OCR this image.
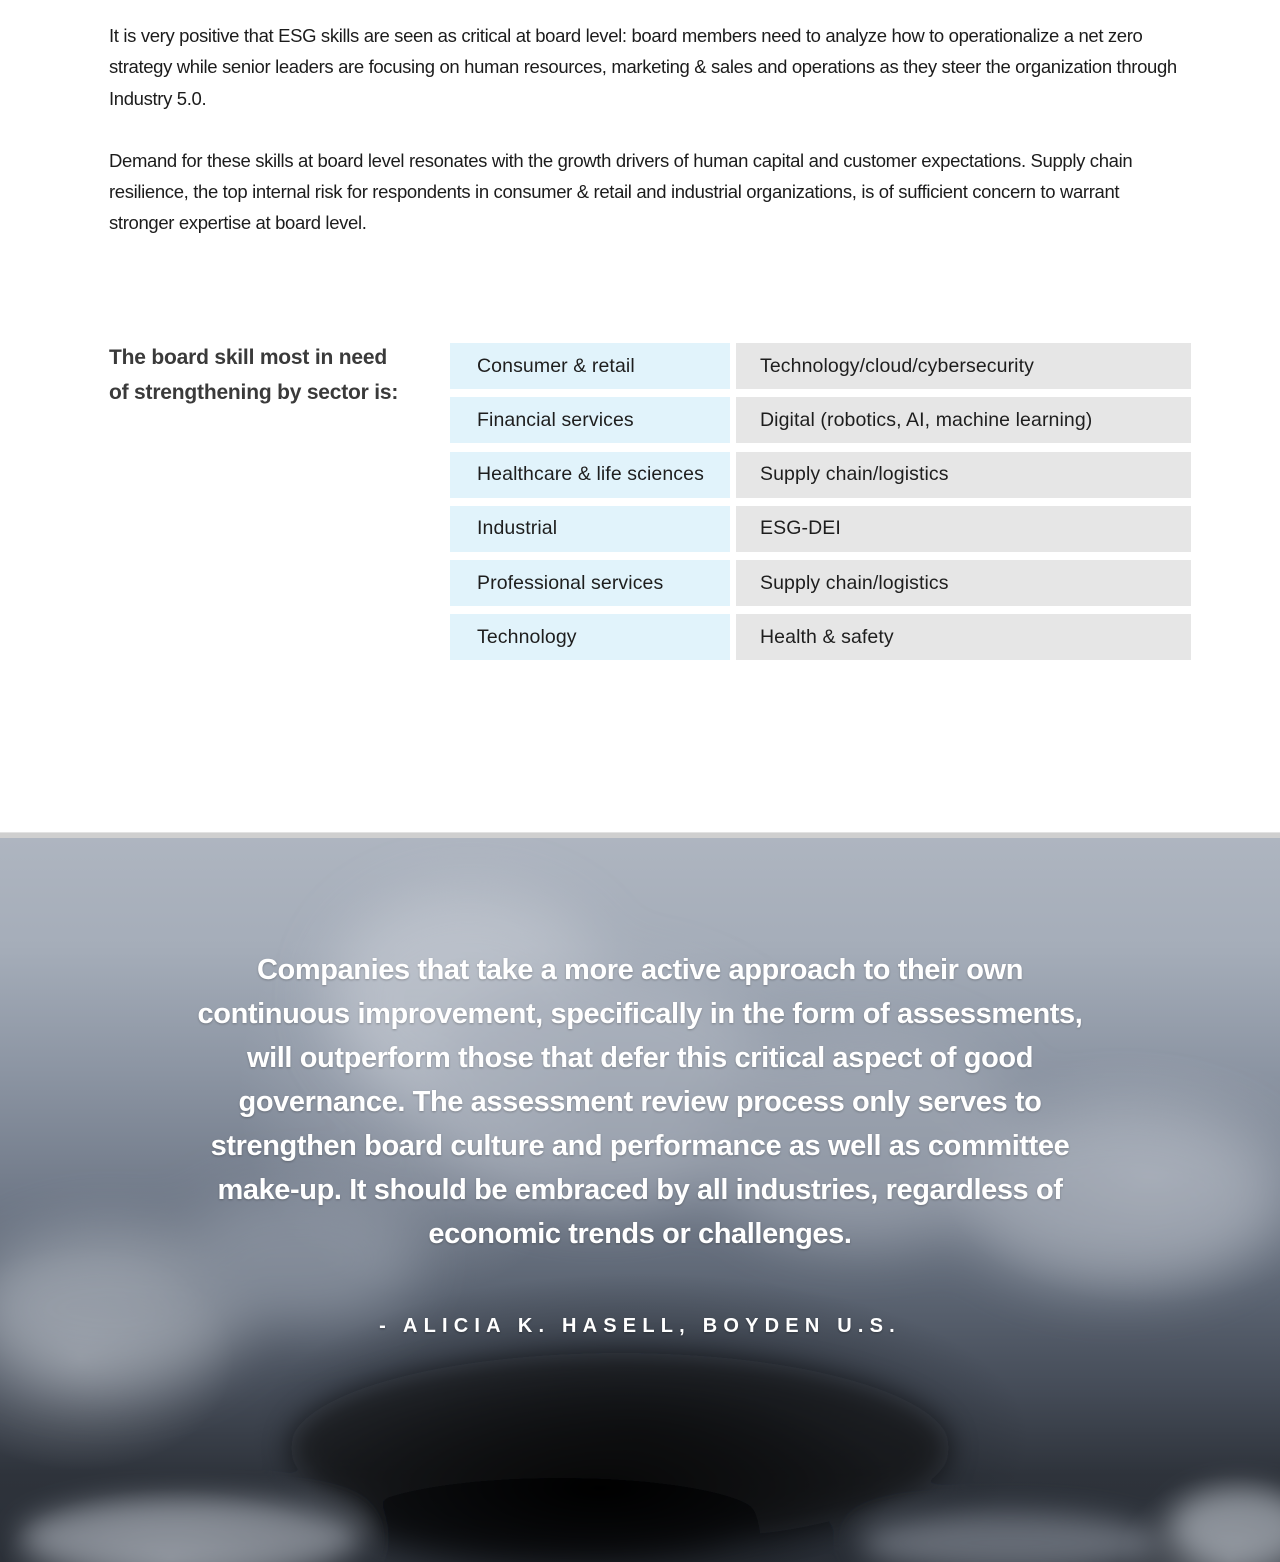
It is very positive that ESG skills are seen as critical at board level: board members need to analyze how to operationalize a net zero strategy while senior leaders are focusing on human resources, marketing & sales and operations as they steer the organization through Industry 5.0.

Demand for these skills at board level resonates with the growth drivers of human capital and customer expectations. Supply chain resilience, the top internal risk for respondents in consumer & retail and industrial organizations, is of sufficient concern to warrant stronger expertise at board level.

The board skill most in need of strengthening by sector is:
Consumer & retail	Technology/cloud/cybersecurity
Financial services	Digital (robotics, AI, machine learning)
Healthcare & life sciences	Supply chain/logistics
Industrial	ESG-DEI
Professional services	Supply chain/logistics
Technology	Health & safety

Companies that take a more active approach to their own continuous improvement, specifically in the form of assessments, will outperform those that defer this critical aspect of good governance. The assessment review process only serves to strengthen board culture and performance as well as committee make-up. It should be embraced by all industries, regardless of economic trends or challenges.

- ALICIA K. HASELL, BOYDEN U.S.
